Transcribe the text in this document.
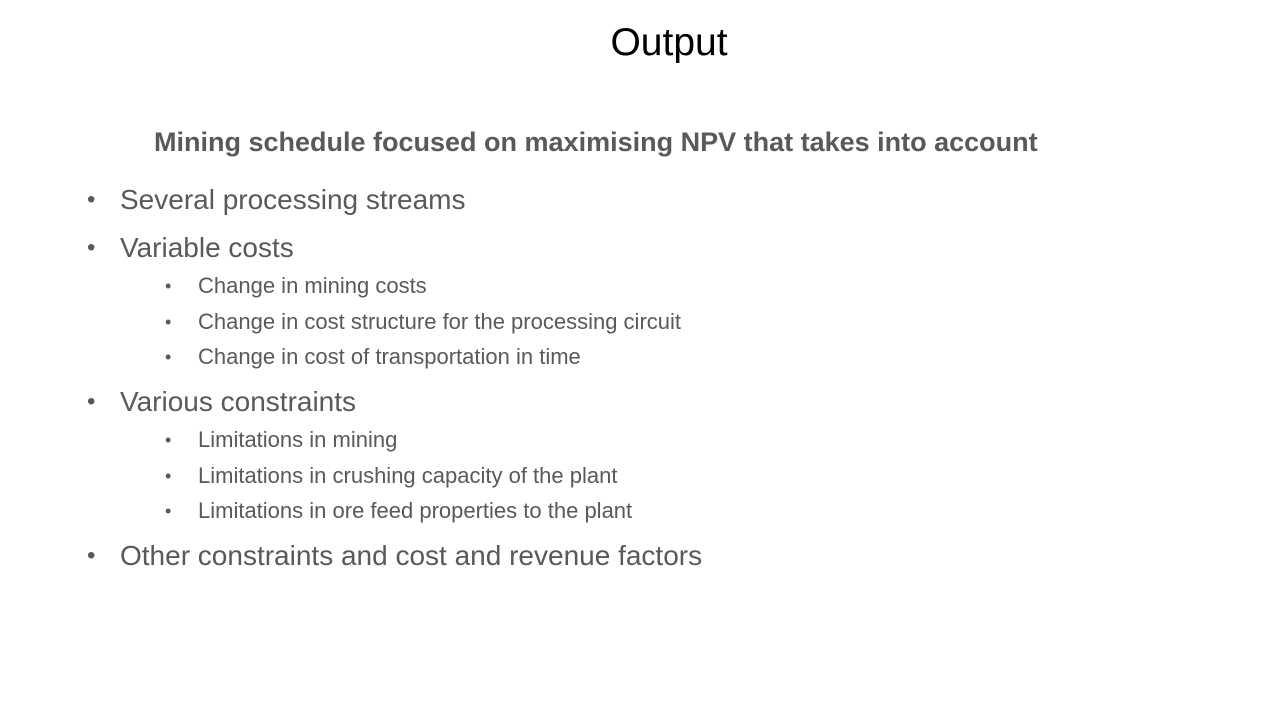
Output
Mining schedule focused on maximising NPV that takes into account
• Several processing streams
• Variable costs
• Change in mining costs
• Change in cost structure for the processing circuit
• Change in cost of transportation in time
• Various constraints
• Limitations in mining
• Limitations in crushing capacity of the plant
• Limitations in ore feed properties to the plant
• Other constraints and cost and revenue factors
